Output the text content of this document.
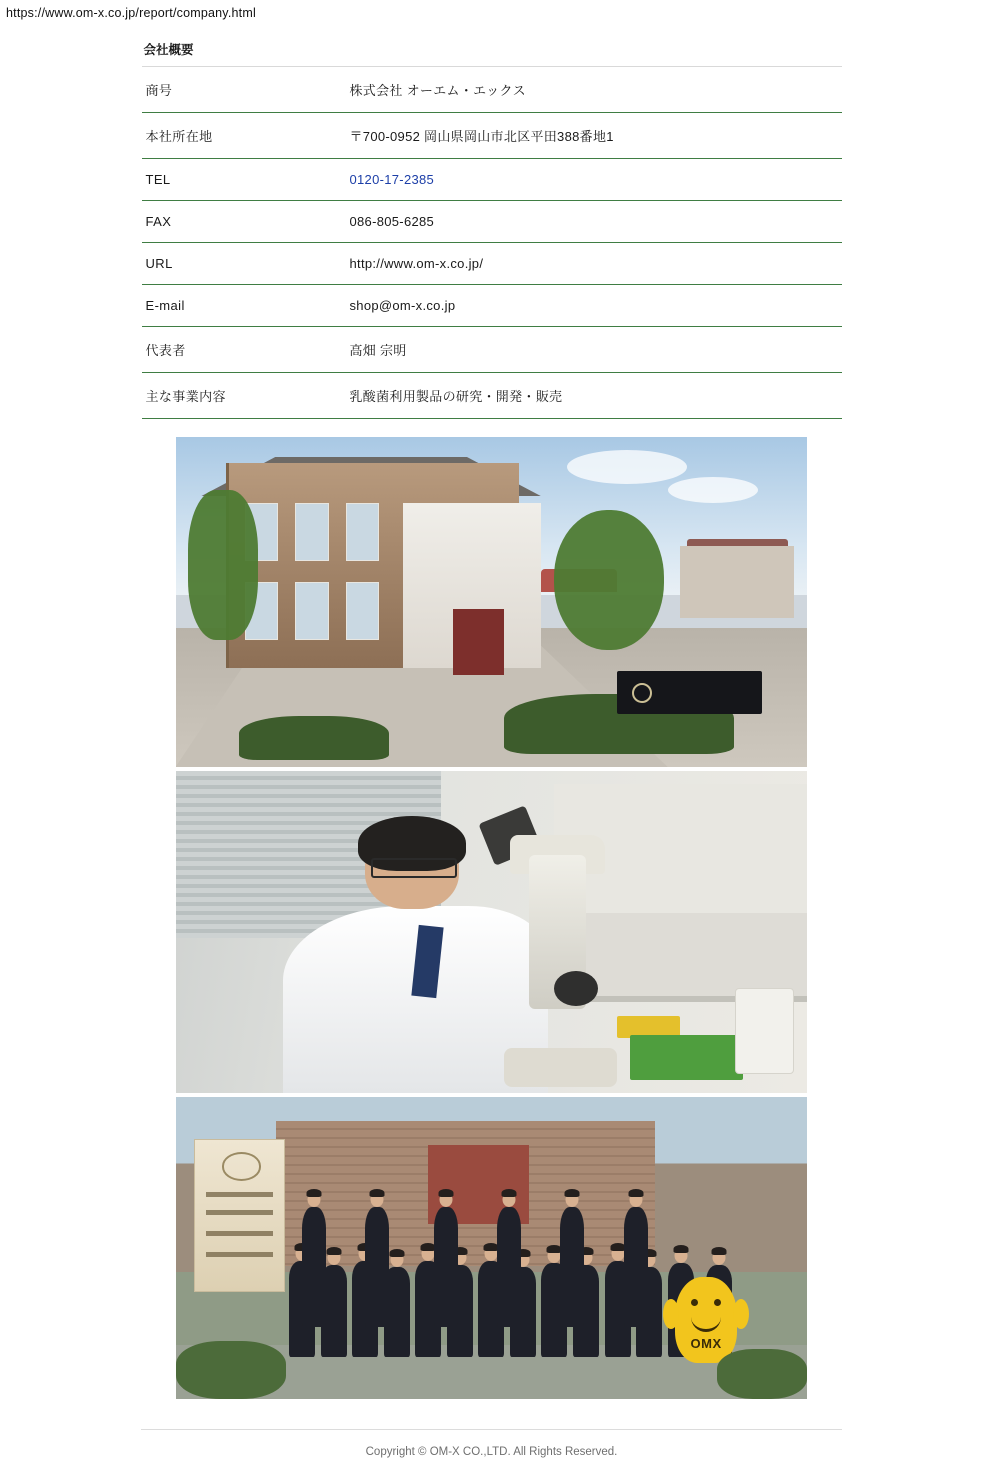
https://www.om-x.co.jp/report/company.html
会社概要
商号	株式会社 オーエム・エックス
本社所在地	〒700-0952 岡山県岡山市北区平田388番地1
TEL	0120-17-2385
FAX	086-805-6285
URL	http://www.om-x.co.jp/
E-mail	shop@om-x.co.jp
代表者	高畑 宗明
主な事業内容	乳酸菌利用製品の研究・開発・販売
OMX
Copyright © OM-X CO.,LTD. All Rights Reserved.
